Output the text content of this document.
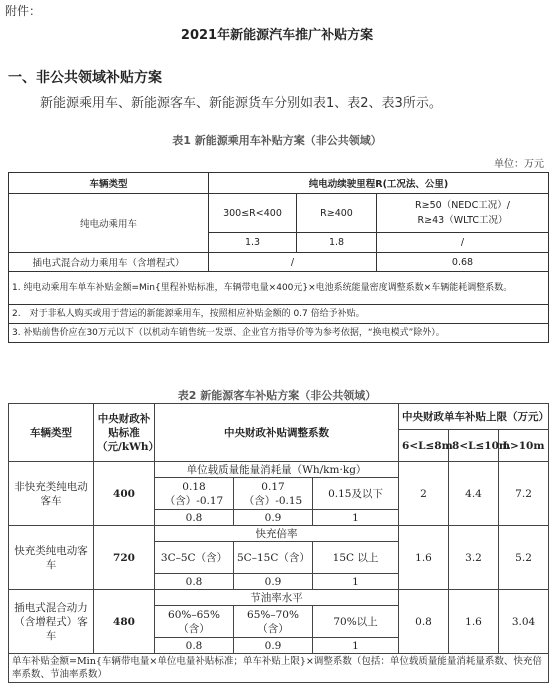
附件：
2021年新能源汽车推广补贴方案
一、非公共领域补贴方案
新能源乘用车、新能源客车、新能源货车分别如表1、表2、表3所示。
表1 新能源乘用车补贴方案（非公共领域）
单位：万元
车辆类型	纯电动续驶里程R(工况法、公里)		
纯电动乘用车	300≤R<400	R≥400	R≥50（NEDC工况）/
R≥43（WLTC工况）

	1.3	1.8	/
插电式混合动力乘用车（含增程式）	/		0.68
1. 纯电动乘用车单车补贴金额=Min{里程补贴标准，车辆带电量×400元}×电池系统能量密度调整系数×车辆能耗调整系数。			
2.　对于非私人购买或用于营运的新能源乘用车，按照相应补贴金额的 0.7 倍给予补贴。			
3. 补贴前售价应在30万元以下（以机动车销售统一发票、企业官方指导价等为参考依据，“换电模式”除外）。			
表2 新能源客车补贴方案（非公共领域）
车辆类型	中央财政补贴标准（元/kWh）	中央财政补贴调整系数			中央财政单车补贴上限（万元）		
					6<L≤8m	8<L≤10m	L>10m
非快充类纯电动客车	400	单位载质量能量消耗量（Wh/km·kg）			2	4.4	7.2
		0.18（含）-0.17	0.17（含）-0.15	0.15及以下			
		0.8	0.9	1			
快充类纯电动客车	720	快充倍率			1.6	3.2	5.2
		3C–5C（含）	5C–15C（含）	15C 以上			
		0.8	0.9	1			
插电式混合动力（含增程式）客车	480	节油率水平			0.8	1.6	3.04
		60%–65%（含）	65%–70%（含）	70%以上			
		0.8	0.9	1			
单车补贴金额=Min{车辆带电量×单位电量补贴标准；单车补贴上限}×调整系数（包括：单位载质量能量消耗量系数、快充倍率系数、节油率系数）							
